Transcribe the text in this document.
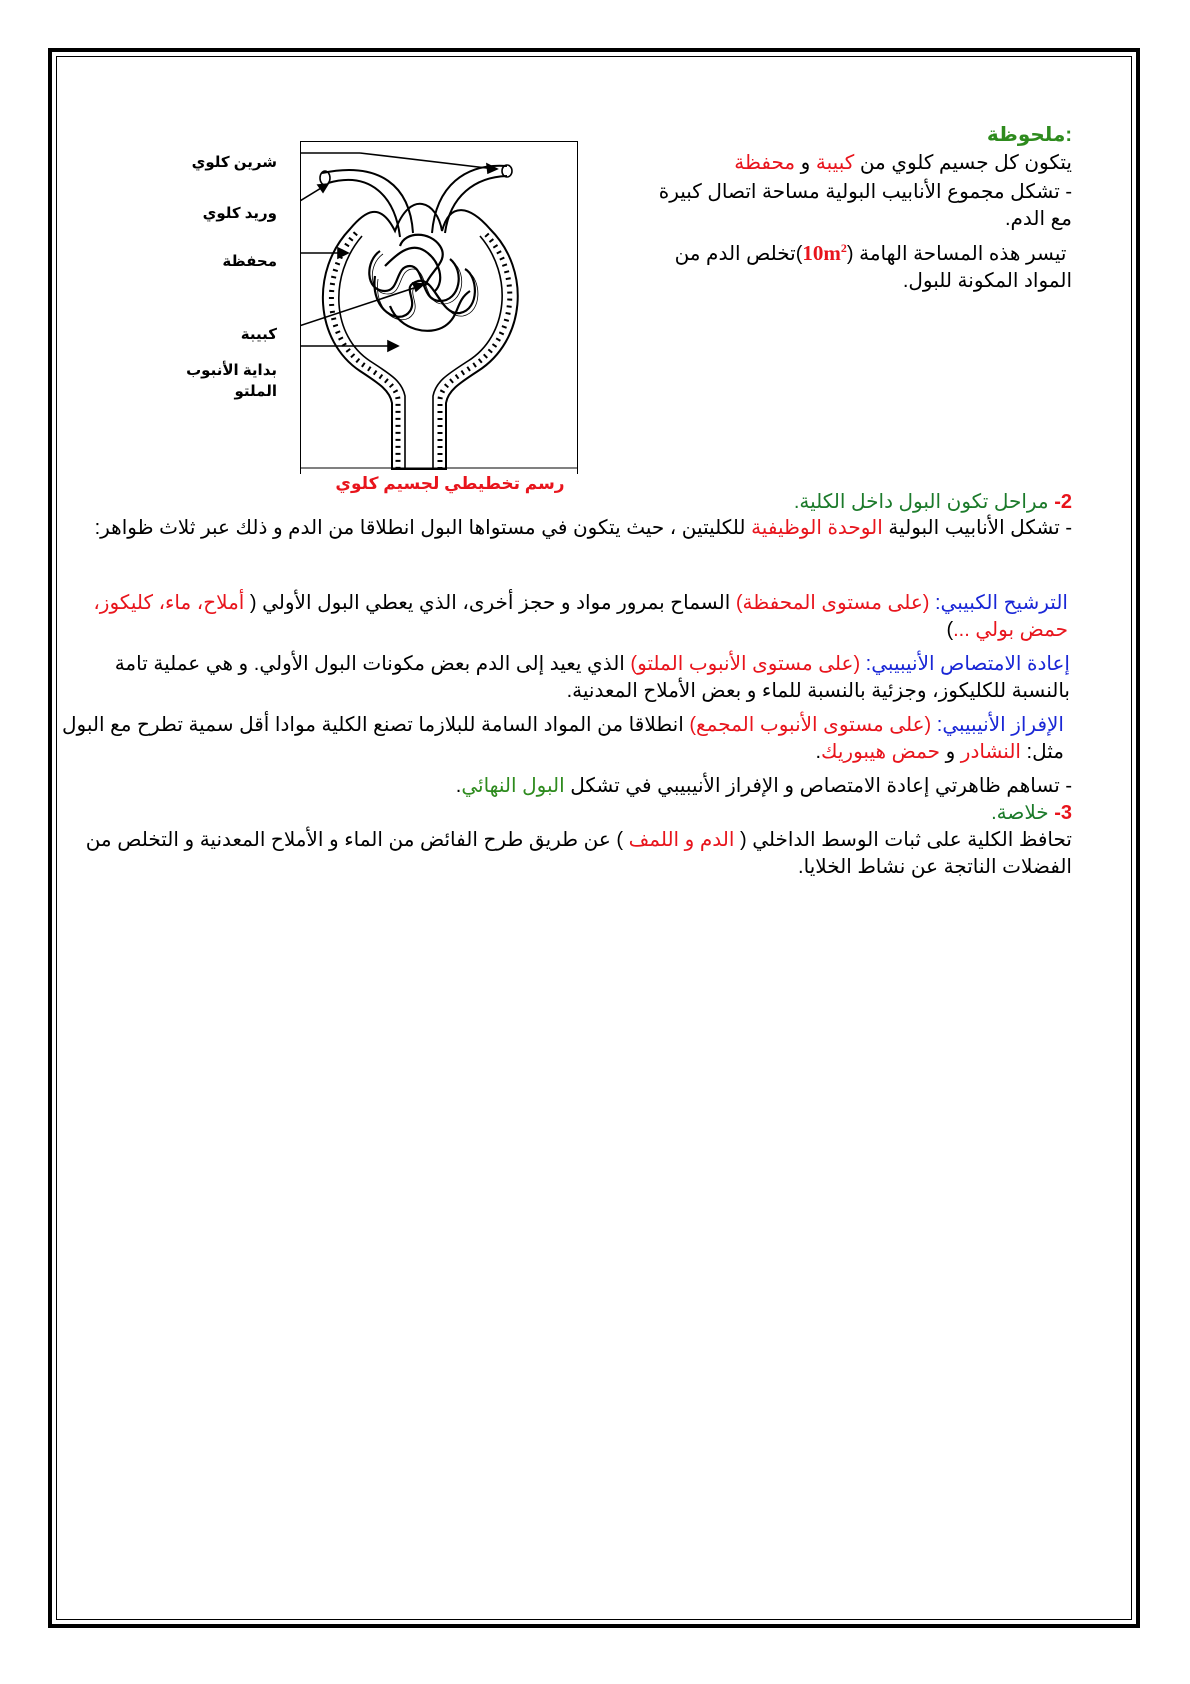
ملحوظة:

يتكون كل جسيم كلوي من كبيبة و محفظة

- تشكل مجموع الأنابيب البولية مساحة اتصال كبيرة مع الدم.

تيسر هذه المساحة الهامة $(10m^2)تخلص$ الدم من المواد المكونة للبول.

شرين كلوي
وريد كلوي
محفظة
كبيبة
بداية الأنبوب
الملتو
رسم تخطيطي لجسيم كلوي
2- مراحل تكون البول داخل الكلية.
- تشكل الأنابيب البولية الوحدة الوظيفية للكليتين ، حيث يتكون في مستواها البول انطلاقا من الدم و ذلك عبر ثلاث ظواهر:
الترشيح الكبيبي: (على مستوى المحفظة) السماح بمرور مواد و حجز أخرى، الذي يعطي البول الأولي ( أملاح، ماء، كليكوز، حمض بولي ...)
إعادة الامتصاص الأنيبيبي: (على مستوى الأنبوب الملتو) الذي يعيد إلى الدم بعض مكونات البول الأولي. و هي عملية تامة بالنسبة للكليكوز، وجزئية بالنسبة للماء و بعض الأملاح المعدنية.
الإفراز الأنيبيبي: (على مستوى الأنبوب المجمع) انطلاقا من المواد السامة للبلازما تصنع الكلية موادا أقل سمية تطرح مع البول مثل: النشادر و حمض هيبوريك.
- تساهم ظاهرتي إعادة الامتصاص و الإفراز الأنيبيبي في تشكل البول النهائي.
3- خلاصة.
تحافظ الكلية على ثبات الوسط الداخلي ( الدم و اللمف ) عن طريق طرح الفائض من الماء و الأملاح المعدنية و التخلص من الفضلات الناتجة عن نشاط الخلايا.
